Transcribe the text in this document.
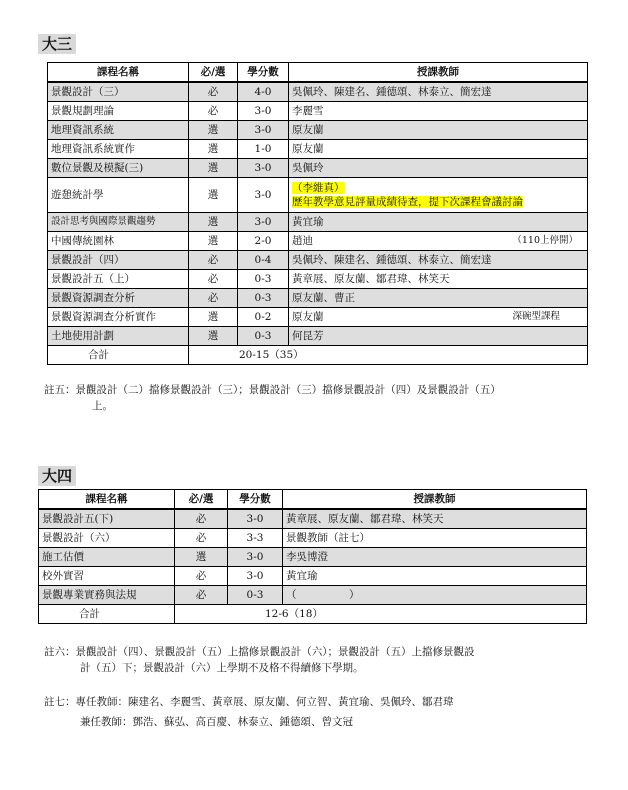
大三
課程名稱	必/選	學分數	授課教師
景觀設計（三）	必	4-0	吳佩玲、陳建名、鍾德頌、林泰立、簡宏達
景觀規劃理論	必	3-0	李麗雪
地理資訊系統	選	3-0	原友蘭
地理資訊系統實作	選	1-0	原友蘭
數位景觀及模擬(三)	選	3-0	吳佩玲
遊憩統計學	選	3-0	（李維真）
歷年教學意見評量成績待查，提下次課程會議討論

設計思考與國際景觀趨勢	選	3-0	黃宜瑜
中國傳統園林	選	2-0	趙迪 （110上停開）

景觀設計（四）	必	0-4	吳佩玲、陳建名、鍾德頌、林泰立、簡宏達
景觀設計五（上）	必	0-3	黃章展、原友蘭、鄒君瑋、林笑天
景觀資源調查分析	必	0-3	原友蘭、曹正
景觀資源調查分析實作	選	0-2	原友蘭 深碗型課程

土地使用計劃	選	0-3	何昆芳
合計	20-15（35）		

註五：景觀設計（二）擋修景觀設計（三）；景觀設計（三）擋修景觀設計（四）及景觀設計（五）

上。

大四
課程名稱	必/選	學分數	授課教師
景觀設計五(下)	必	3-0	黃章展、原友蘭、鄒君瑋、林笑天
景觀設計（六）	必	3-3	景觀教師（註七）
施工估價	選	3-0	李吳博澄
校外實習	必	3-0	黃宜瑜
景觀專業實務與法規	必	0-3	（　　　　　）
合計	12-6（18）		

註六：景觀設計（四）、景觀設計（五）上擋修景觀設計（六）；景觀設計（五）上擋修景觀設

計（五）下；景觀設計（六）上學期不及格不得續修下學期。

註七：專任教師：陳建名、李麗雪、黃章展、原友蘭、何立智、黃宜瑜、吳佩玲、鄒君瑋

兼任教師：鄧浩、蘇弘、高百慶、林泰立、鍾德頌、曾文冠
